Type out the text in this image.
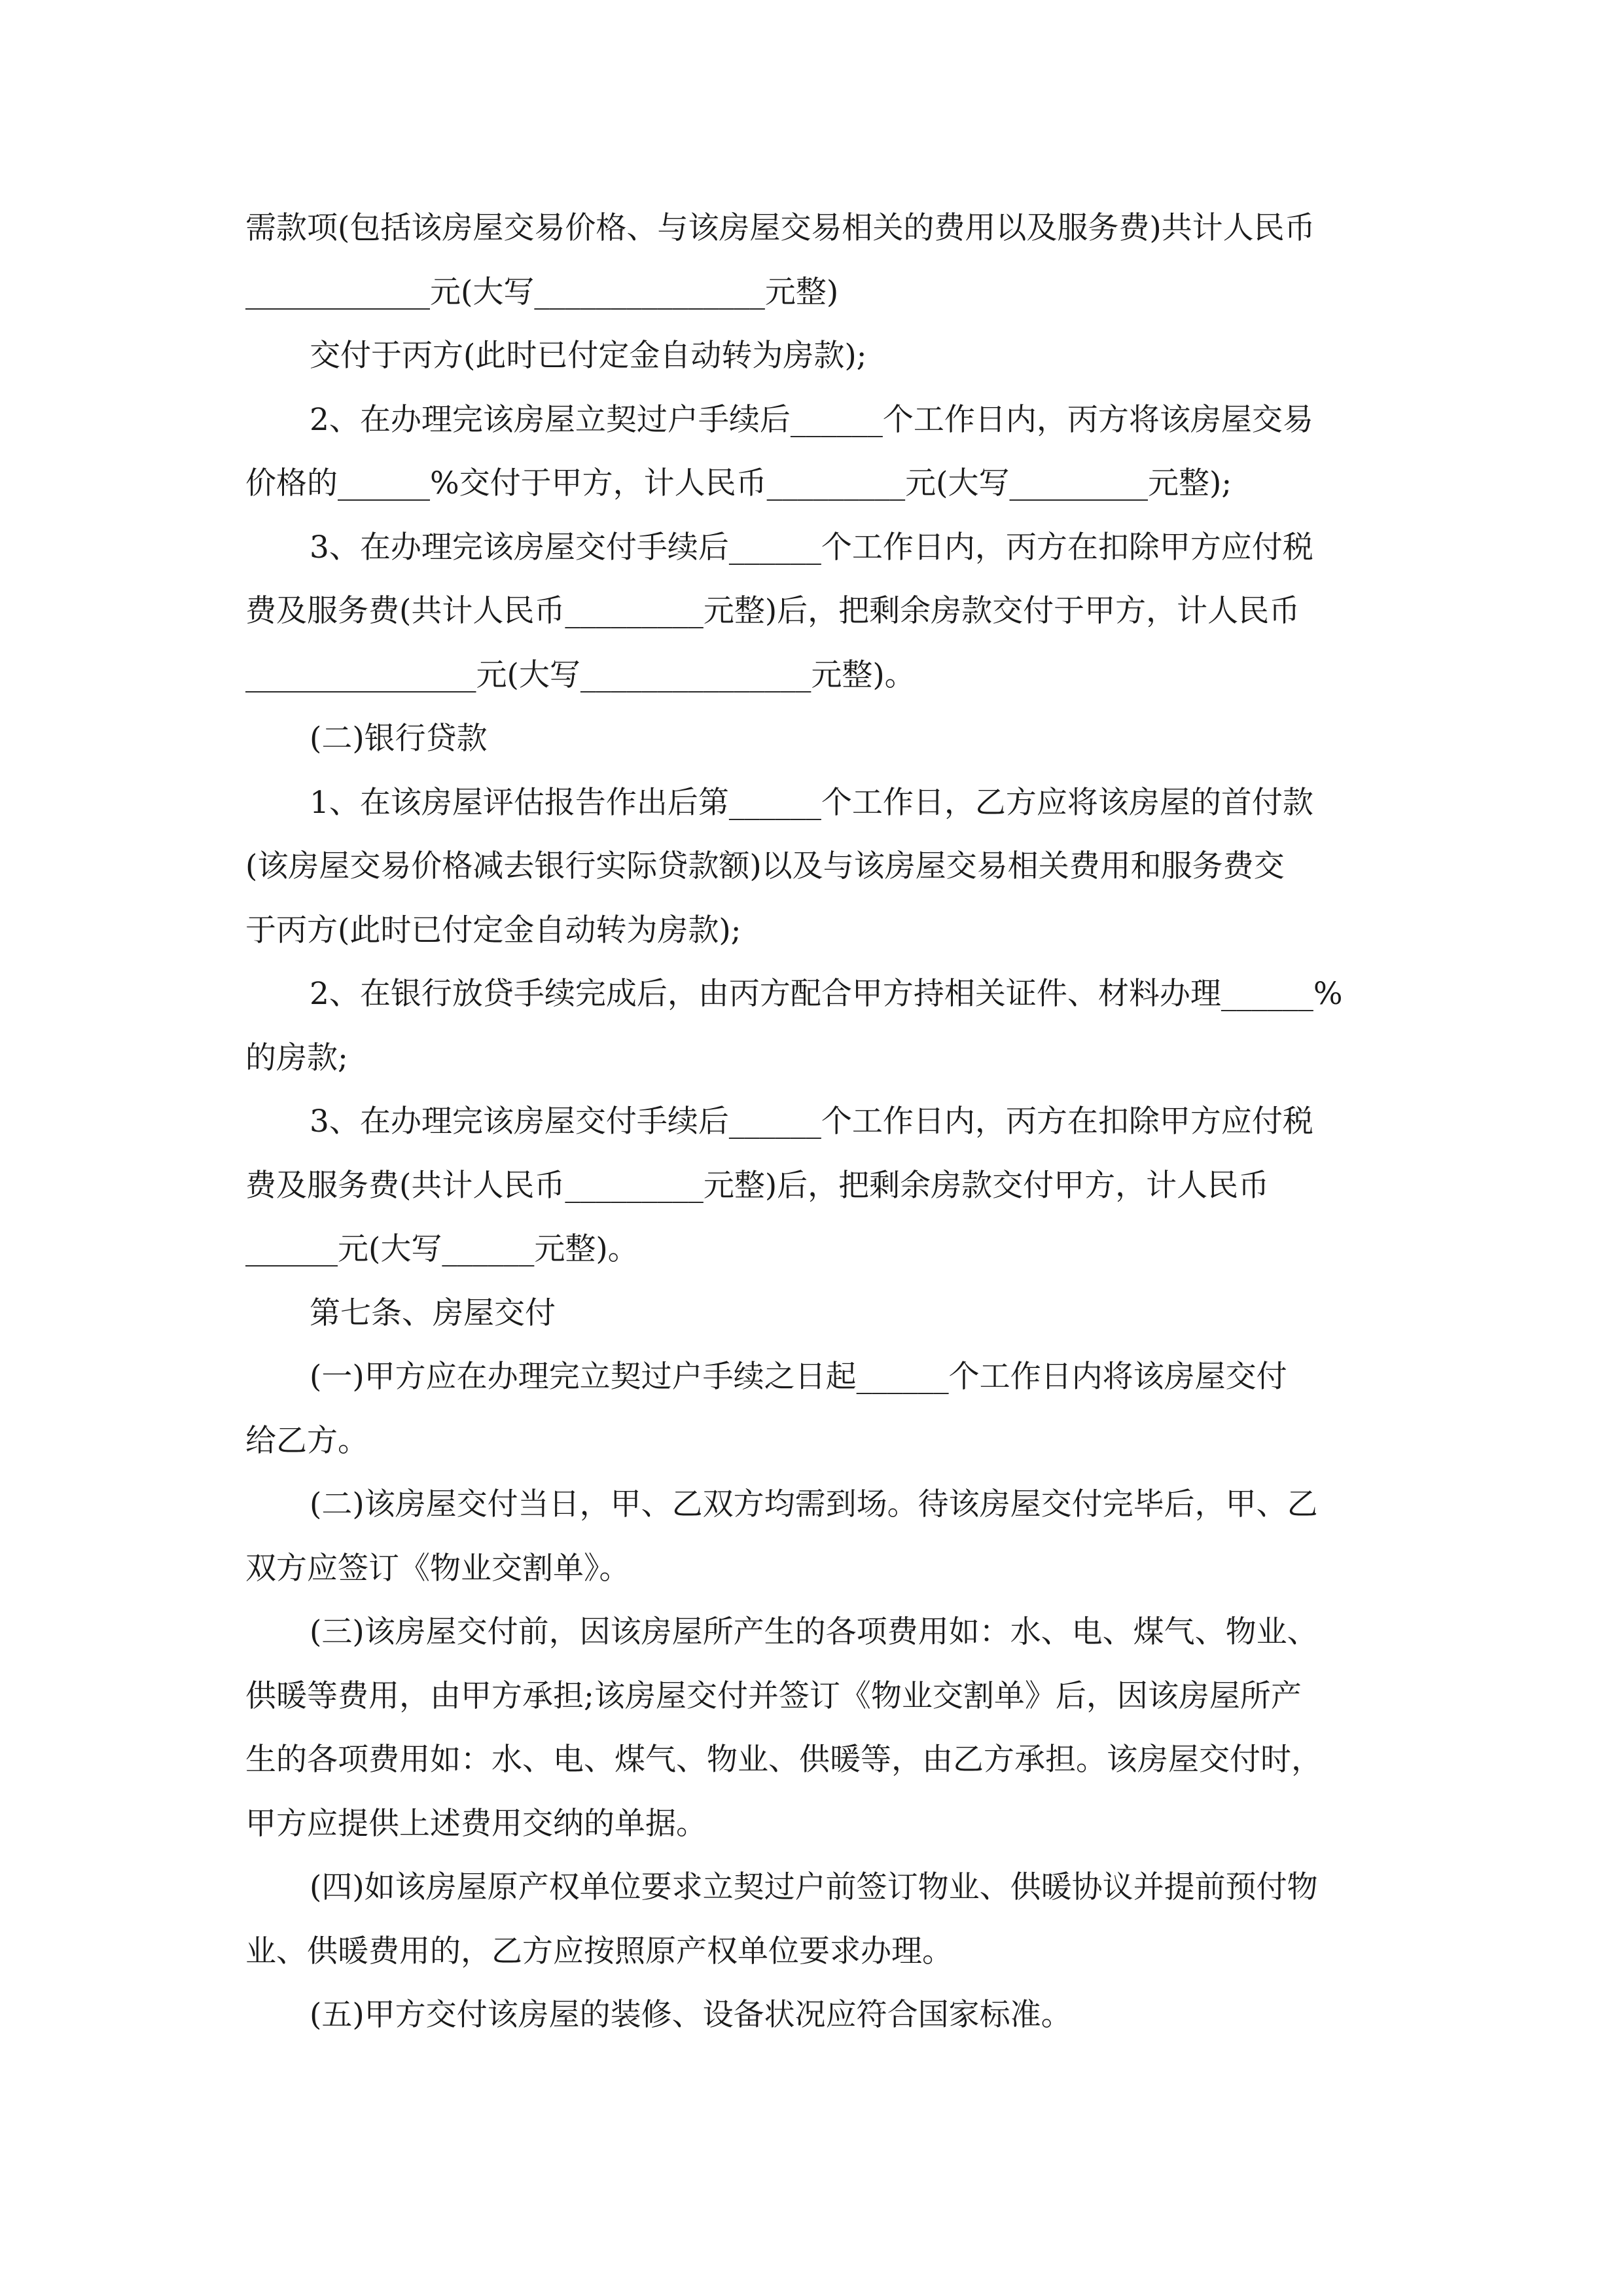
需款项(包括该房屋交易价格、与该房屋交易相关的费用以及服务费)共计人民币
____________元(大写_______________元整)
交付于丙方(此时已付定金自动转为房款);
2、在办理完该房屋立契过户手续后______个工作日内，丙方将该房屋交易
价格的______%交付于甲方，计人民币_________元(大写_________元整);
3、在办理完该房屋交付手续后______个工作日内，丙方在扣除甲方应付税
费及服务费(共计人民币_________元整)后，把剩余房款交付于甲方，计人民币
_______________元(大写_______________元整)。
(二)银行贷款
1、在该房屋评估报告作出后第______个工作日，乙方应将该房屋的首付款
(该房屋交易价格减去银行实际贷款额)以及与该房屋交易相关费用和服务费交
于丙方(此时已付定金自动转为房款);
2、在银行放贷手续完成后，由丙方配合甲方持相关证件、材料办理______%
的房款;
3、在办理完该房屋交付手续后______个工作日内，丙方在扣除甲方应付税
费及服务费(共计人民币_________元整)后，把剩余房款交付甲方，计人民币
______元(大写______元整)。
第七条、房屋交付
(一)甲方应在办理完立契过户手续之日起______个工作日内将该房屋交付
给乙方。
(二)该房屋交付当日，甲、乙双方均需到场。待该房屋交付完毕后，甲、乙
双方应签订《物业交割单》。
(三)该房屋交付前，因该房屋所产生的各项费用如：水、电、煤气、物业、
供暖等费用，由甲方承担;该房屋交付并签订《物业交割单》后，因该房屋所产
生的各项费用如：水、电、煤气、物业、供暖等，由乙方承担。该房屋交付时，
甲方应提供上述费用交纳的单据。
(四)如该房屋原产权单位要求立契过户前签订物业、供暖协议并提前预付物
业、供暖费用的，乙方应按照原产权单位要求办理。
(五)甲方交付该房屋的装修、设备状况应符合国家标准。
